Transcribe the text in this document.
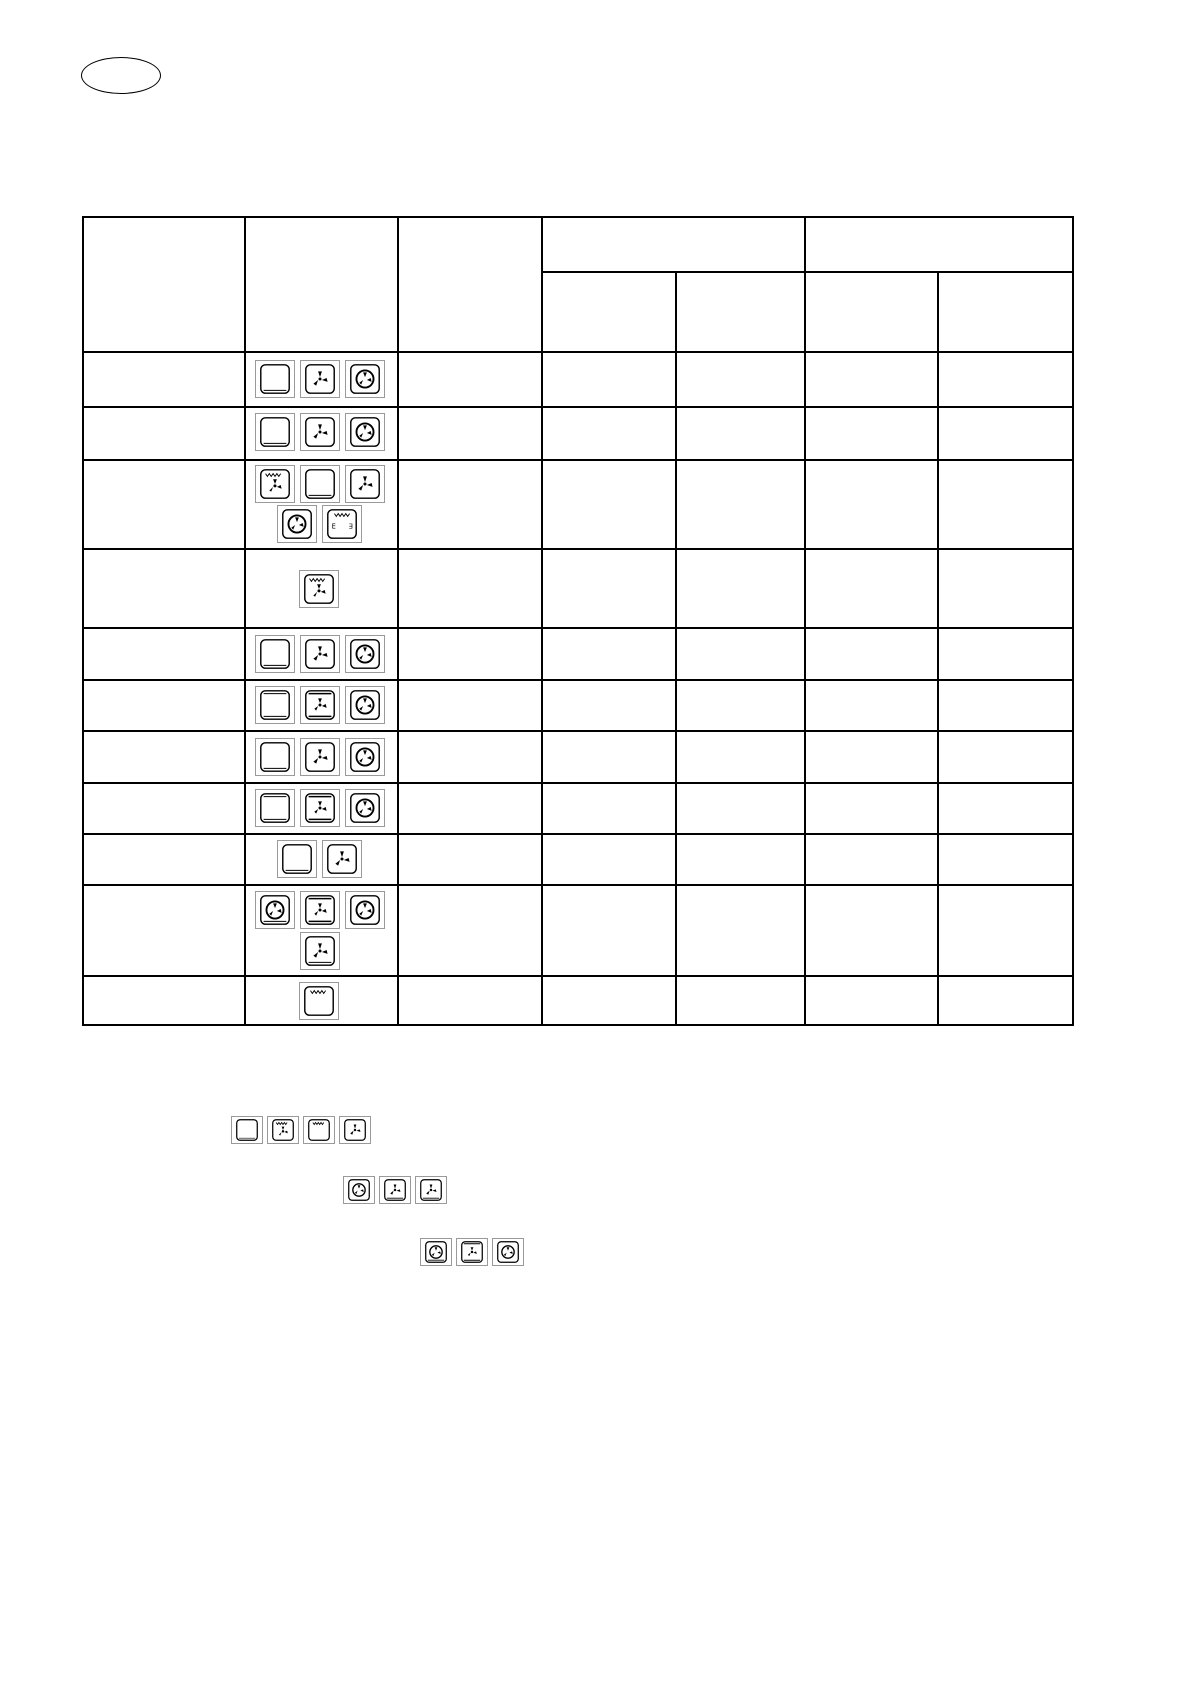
E ∃
